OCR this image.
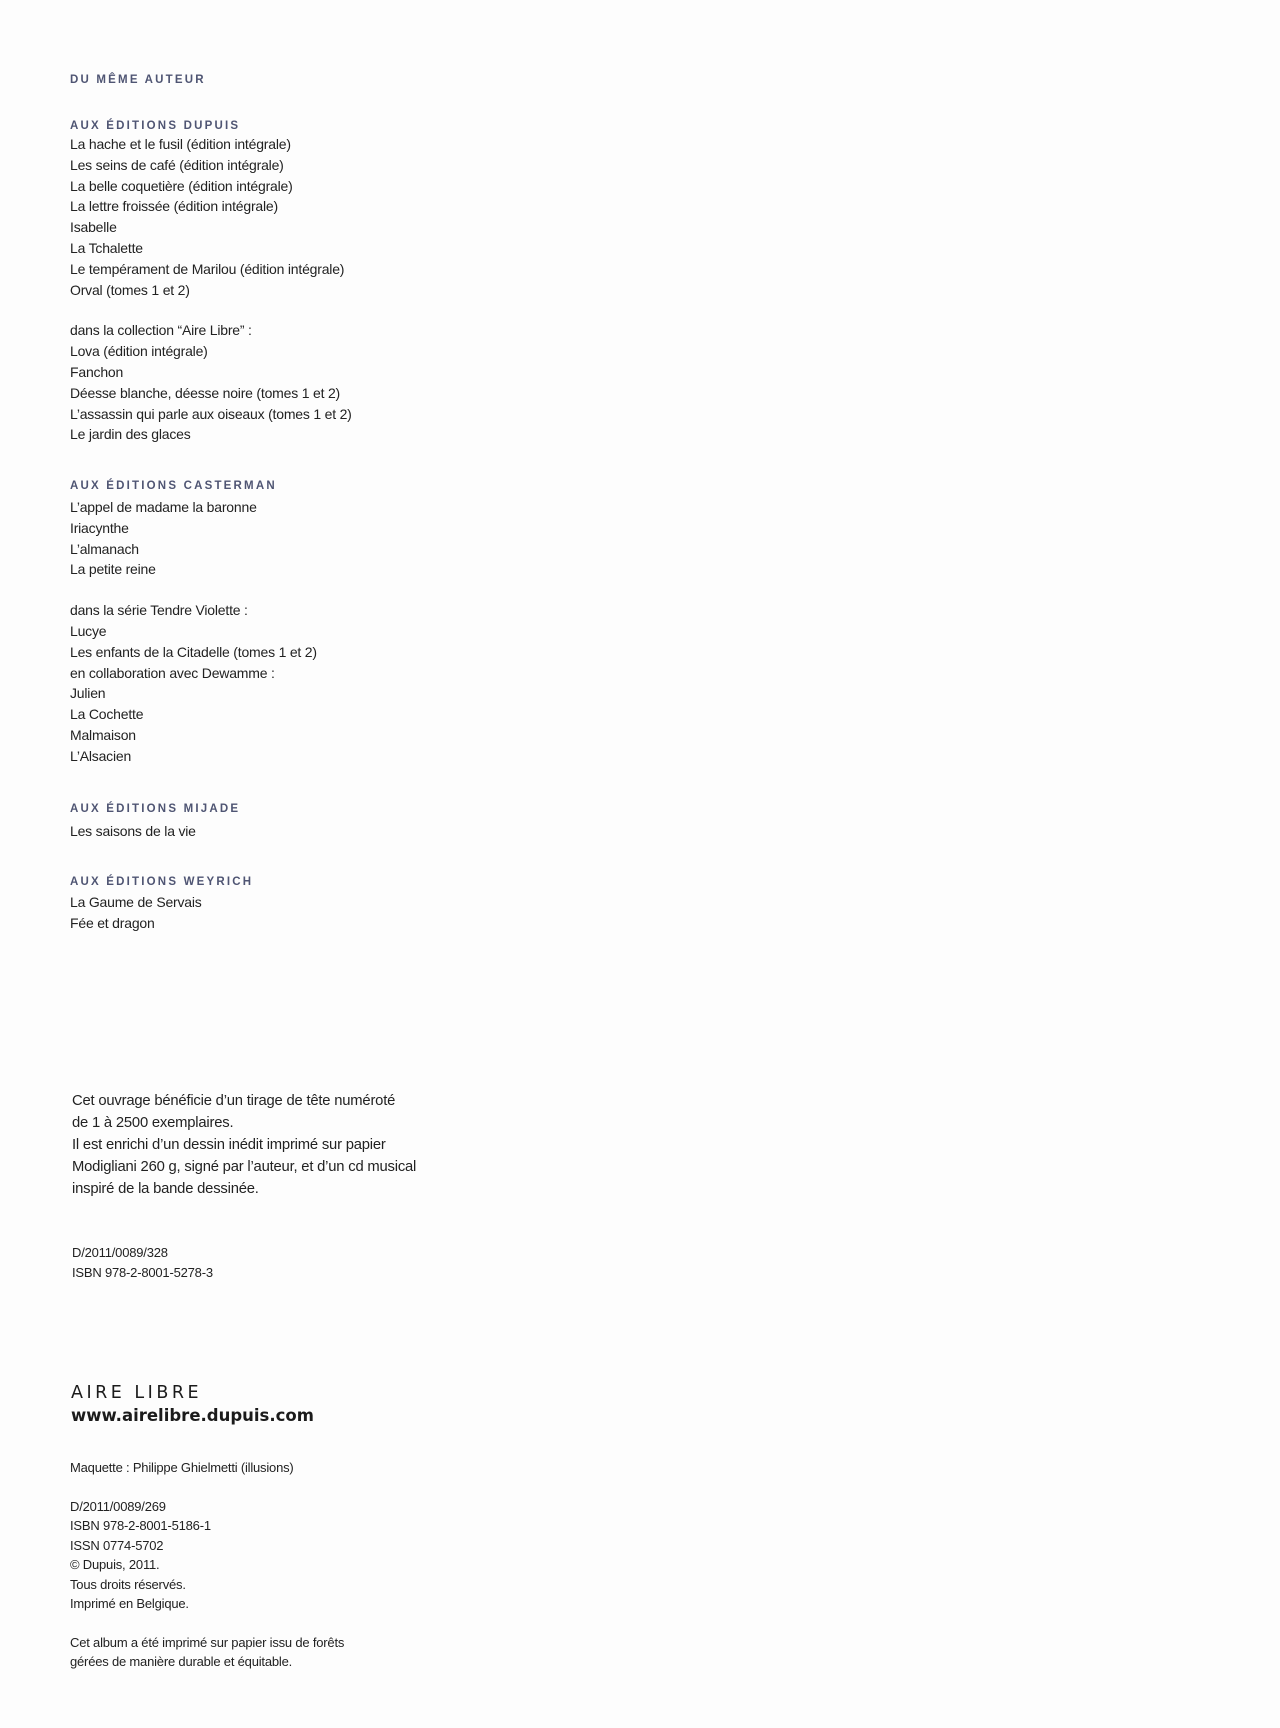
DU MÊME AUTEUR
AUX ÉDITIONS DUPUIS
La hache et le fusil (édition intégrale)
Les seins de café (édition intégrale)
La belle coquetière (édition intégrale)
La lettre froissée (édition intégrale)
Isabelle
La Tchalette
Le tempérament de Marilou (édition intégrale)
Orval (tomes 1 et 2)
dans la collection “Aire Libre” :
Lova (édition intégrale)
Fanchon
Déesse blanche, déesse noire (tomes 1 et 2)
L’assassin qui parle aux oiseaux (tomes 1 et 2)
Le jardin des glaces
AUX ÉDITIONS CASTERMAN
L’appel de madame la baronne
Iriacynthe
L’almanach
La petite reine
dans la série Tendre Violette :
Lucye
Les enfants de la Citadelle (tomes 1 et 2)
en collaboration avec Dewamme :
Julien
La Cochette
Malmaison
L’Alsacien
AUX ÉDITIONS MIJADE
Les saisons de la vie
AUX ÉDITIONS WEYRICH
La Gaume de Servais
Fée et dragon
Cet ouvrage bénéficie d’un tirage de tête numéroté
de 1 à 2500 exemplaires.
Il est enrichi d’un dessin inédit imprimé sur papier
Modigliani 260 g, signé par l’auteur, et d’un cd musical
inspiré de la bande dessinée.
D/2011/0089/328
ISBN 978-2-8001-5278-3
AIRE LIBRE
www.airelibre.dupuis.com
Maquette : Philippe Ghielmetti (illusions)
D/2011/0089/269
ISBN 978-2-8001-5186-1
ISSN 0774-5702
© Dupuis, 2011.
Tous droits réservés.
Imprimé en Belgique.
Cet album a été imprimé sur papier issu de forêts
gérées de manière durable et équitable.
